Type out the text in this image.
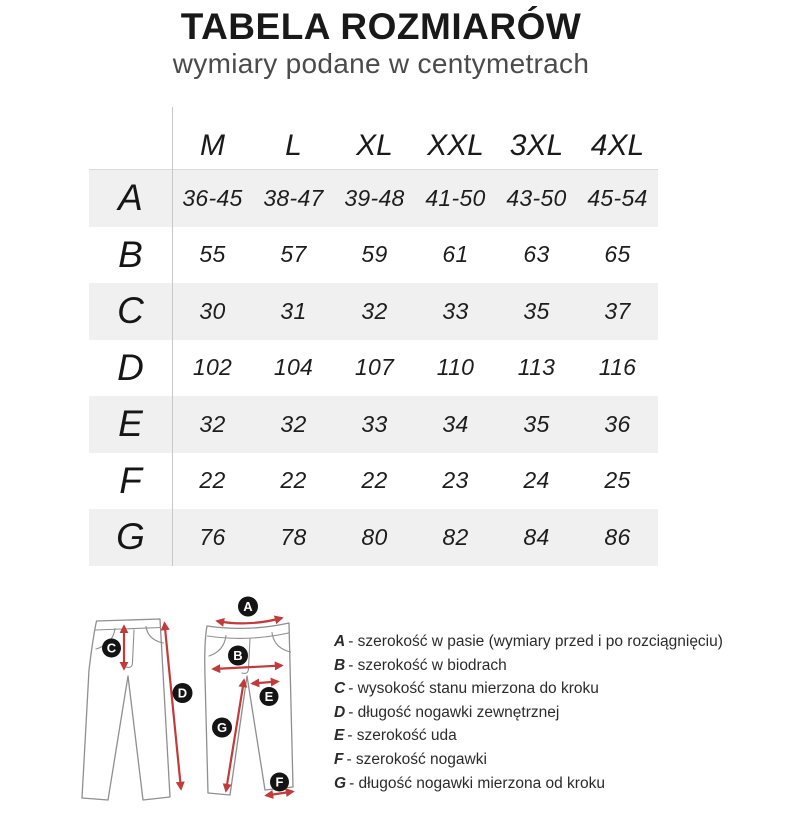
TABELA ROZMIARÓW
wymiary podane w centymetrach
M	L	XL	XXL 3XL 4XL
A	36-45 38-47 39-48 41-50 43-50 45-54
B	55	57	59	61	63	65
C	30	31	32	33	35	37
D	102	104	107	110	113	116
E	32	32	33	34	35	36
F	22	22	22	23	24	25
G	76	78	80	82	84	86
C
D
A
B
E
G
F
A - szerokość w pasie (wymiary przed i po rozciągnięciu)
B - szerokość w biodrach
C - wysokość stanu mierzona do kroku
D - długość nogawki zewnętrznej
E - szerokość uda
F - szerokość nogawki
G - długość nogawki mierzona od kroku
